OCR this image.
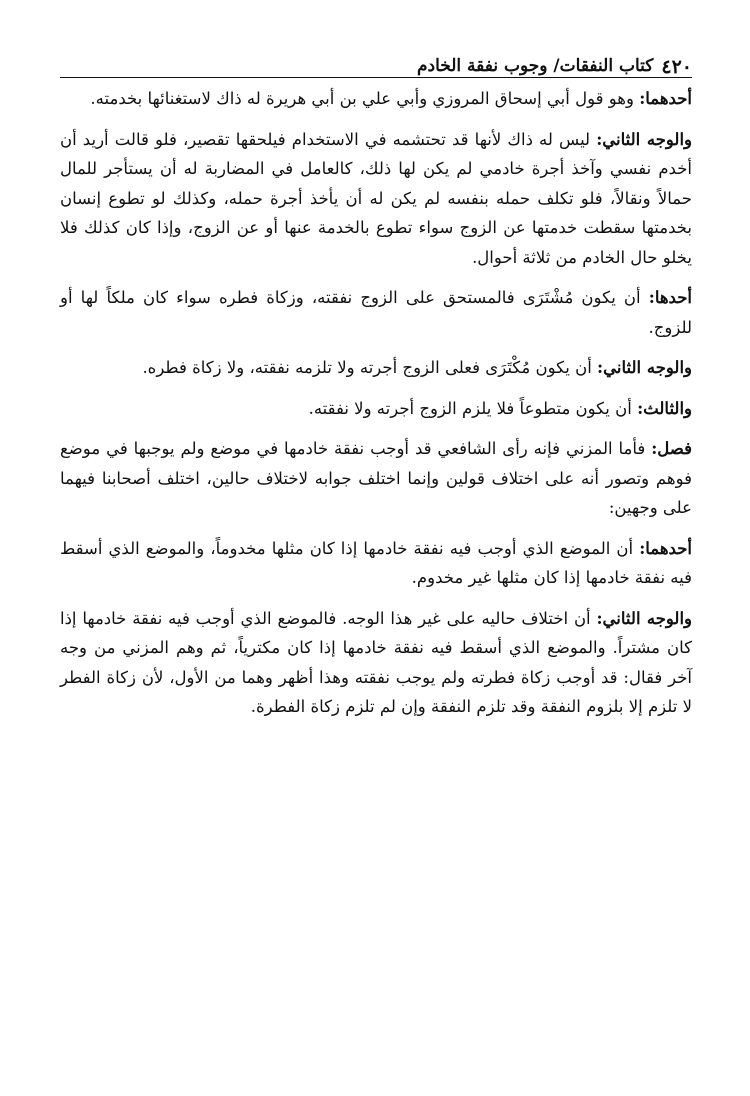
٤٢٠
كتاب النفقات/ وجوب نفقة الخادم

أحدهما: وهو قول أبي إسحاق المروزي وأبي علي بن أبي هريرة له ذاك لاستغنائها بخدمته.

والوجه الثاني: ليس له ذاك لأنها قد تحتشمه في الاستخدام فيلحقها تقصير، فلو قالت أريد أن أخدم نفسي وآخذ أجرة خادمي لم يكن لها ذلك، كالعامل في المضاربة له أن يستأجر للمال حمالاً ونقالاً، فلو تكلف حمله بنفسه لم يكن له أن يأخذ أجرة حمله، وكذلك لو تطوع إنسان بخدمتها سقطت خدمتها عن الزوج سواء تطوع بالخدمة عنها أو عن الزوج، وإذا كان كذلك فلا يخلو حال الخادم من ثلاثة أحوال.

أحدها: أن يكون مُشْتَرَى فالمستحق على الزوج نفقته، وزكاة فطره سواء كان ملكاً لها أو للزوج.

والوجه الثاني: أن يكون مُكْتَرَى فعلى الزوج أجرته ولا تلزمه نفقته، ولا زكاة فطره.

والثالث: أن يكون متطوعاً فلا يلزم الزوج أجرته ولا نفقته.

فصل: فأما المزني فإنه رأى الشافعي قد أوجب نفقة خادمها في موضع ولم يوجبها في موضع فوهم وتصور أنه على اختلاف قولين وإنما اختلف جوابه لاختلاف حالين، اختلف أصحابنا فيهما على وجهين:

أحدهما: أن الموضع الذي أوجب فيه نفقة خادمها إذا كان مثلها مخدوماً، والموضع الذي أسقط فيه نفقة خادمها إذا كان مثلها غير مخدوم.

والوجه الثاني: أن اختلاف حاليه على غير هذا الوجه. فالموضع الذي أوجب فيه نفقة خادمها إذا كان مشتراً. والموضع الذي أسقط فيه نفقة خادمها إذا كان مكترياً، ثم وهم المزني من وجه آخر فقال: قد أوجب زكاة فطرته ولم يوجب نفقته وهذا أظهر وهما من الأول، لأن زكاة الفطر لا تلزم إلا بلزوم النفقة وقد تلزم النفقة وإن لم تلزم زكاة الفطرة.
